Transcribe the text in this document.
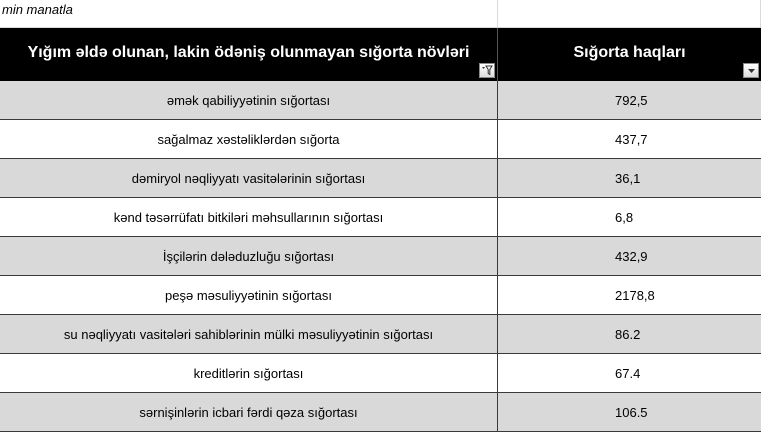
min manatla
Yığım əldə olunan, lakin ödəniş olunmayan sığorta növləri	Sığorta haqları
əmək qabiliyyətinin sığortası	792,5
sağalmaz xəstəliklərdən sığorta	437,7
dəmiryol nəqliyyatı vasitələrinin sığortası	36,1
kənd təsərrüfatı bitkiləri məhsullarının sığortası	6,8
İşçilərin dələduzluğu sığortası	432,9
peşə məsuliyyətinin sığortası	2178,8
su nəqliyyatı vasitələri sahiblərinin mülki məsuliyyətinin sığortası	86.2
kreditlərin sığortası	67.4
sərnişinlərin icbari fərdi qəza sığortası	106.5
